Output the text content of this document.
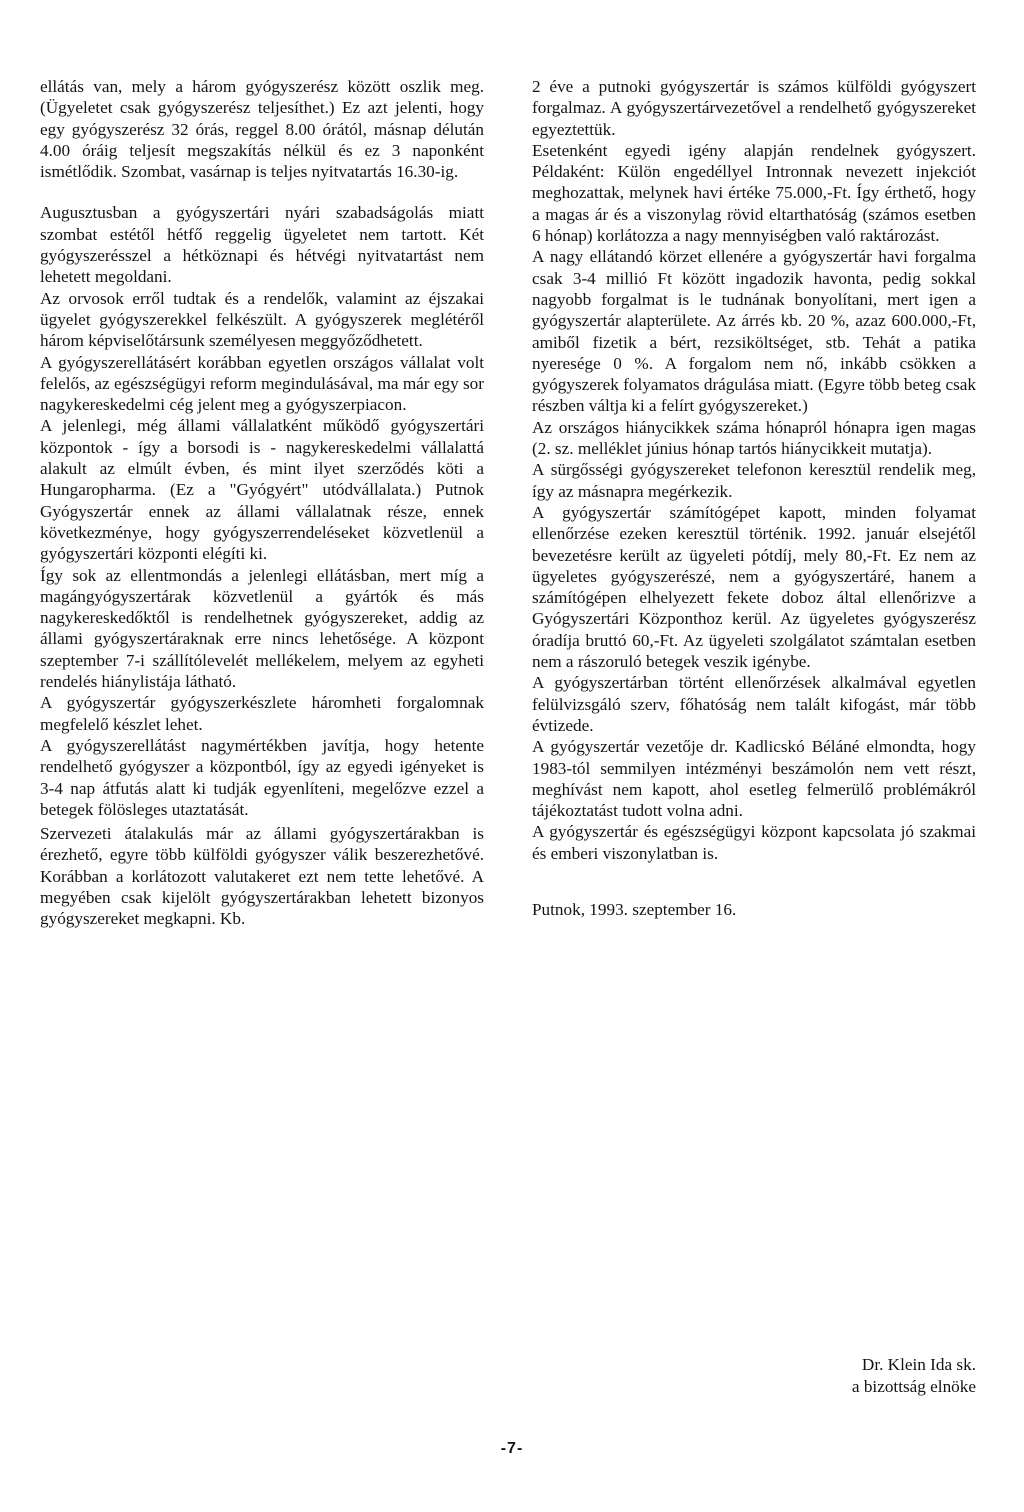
ellátás van, mely a három gyógyszerész között oszlik meg. (Ügyeletet csak gyógyszerész teljesíthet.) Ez azt jelenti, hogy egy gyógyszerész 32 órás, reggel 8.00 órától, másnap délután 4.00 óráig teljesít megszakítás nélkül és ez 3 naponként ismétlődik. Szombat, vasárnap is teljes nyitvatartás 16.30-ig.

Augusztusban a gyógyszertári nyári szabadságolás miatt szombat estétől hétfő reggelig ügyeletet nem tartott. Két gyógyszerésszel a hétköznapi és hétvégi nyitvatartást nem lehetett megoldani.

Az orvosok erről tudtak és a rendelők, valamint az éjszakai ügyelet gyógyszerekkel felkészült. A gyógyszerek meglétéről három képviselőtársunk személyesen meggyőződhetett.

A gyógyszerellátásért korábban egyetlen országos vállalat volt felelős, az egészségügyi reform megindulásával, ma már egy sor nagykereskedelmi cég jelent meg a gyógyszerpiacon.

A jelenlegi, még állami vállalatként működő gyógyszertári központok - így a borsodi is - nagykereskedelmi vállalattá alakult az elmúlt évben, és mint ilyet szerződés köti a Hungaropharma. (Ez a "Gyógyért" utódvállalata.) Putnok Gyógyszertár ennek az állami vállalatnak része, ennek következménye, hogy gyógyszerrendeléseket közvetlenül a gyógyszertári központi elégíti ki.

Így sok az ellentmondás a jelenlegi ellátásban, mert míg a magángyógyszertárak közvetlenül a gyártók és más nagykereskedőktől is rendelhetnek gyógyszereket, addig az állami gyógyszertáraknak erre nincs lehetősége. A központ szeptember 7-i szállítólevelét mellékelem, melyem az egyheti rendelés hiánylistája látható.

A gyógyszertár gyógyszerkészlete háromheti forgalomnak megfelelő készlet lehet.

A gyógyszerellátást nagymértékben javítja, hogy hetente rendelhető gyógyszer a központból, így az egyedi igényeket is 3-4 nap átfutás alatt ki tudják egyenlíteni, megelőzve ezzel a betegek fölösleges utaztatását.

Szervezeti átalakulás már az állami gyógyszertárakban is érezhető, egyre több külföldi gyógyszer válik beszerezhetővé. Korábban a korlátozott valutakeret ezt nem tette lehetővé. A megyében csak kijelölt gyógyszertárakban lehetett bizonyos gyógyszereket megkapni. Kb.

2 éve a putnoki gyógyszertár is számos külföldi gyógyszert forgalmaz. A gyógyszertárvezetővel a rendelhető gyógyszereket egyeztettük.

Esetenként egyedi igény alapján rendelnek gyógyszert. Példaként: Külön engedéllyel Intronnak nevezett injekciót meghozattak, melynek havi értéke 75.000,-Ft. Így érthető, hogy a magas ár és a viszonylag rövid eltarthatóság (számos esetben 6 hónap) korlátozza a nagy mennyiségben való raktározást.

A nagy ellátandó körzet ellenére a gyógyszertár havi forgalma csak 3-4 millió Ft között ingadozik havonta, pedig sokkal nagyobb forgalmat is le tudnának bonyolítani, mert igen a gyógyszertár alapterülete. Az árrés kb. 20 %, azaz 600.000,-Ft, amiből fizetik a bért, rezsiköltséget, stb. Tehát a patika nyeresége 0 %. A forgalom nem nő, inkább csökken a gyógyszerek folyamatos drágulása miatt. (Egyre több beteg csak részben váltja ki a felírt gyógyszereket.)

Az országos hiánycikkek száma hónapról hónapra igen magas (2. sz. melléklet június hónap tartós hiánycikkeit mutatja).

A sürgősségi gyógyszereket telefonon keresztül rendelik meg, így az másnapra megérkezik.

A gyógyszertár számítógépet kapott, minden folyamat ellenőrzése ezeken keresztül történik. 1992. január elsejétől bevezetésre került az ügyeleti pótdíj, mely 80,-Ft. Ez nem az ügyeletes gyógyszerészé, nem a gyógyszertáré, hanem a számítógépen elhelyezett fekete doboz által ellenőrizve a Gyógyszertári Központhoz kerül. Az ügyeletes gyógyszerész óradíja bruttó 60,-Ft. Az ügyeleti szolgálatot számtalan esetben nem a rászoruló betegek veszik igénybe.

A gyógyszertárban történt ellenőrzések alkalmával egyetlen felülvizsgáló szerv, főhatóság nem talált kifogást, már több évtizede.

A gyógyszertár vezetője dr. Kadlicskó Béláné elmondta, hogy 1983-tól semmilyen intézményi beszámolón nem vett részt, meghívást nem kapott, ahol esetleg felmerülő problémákról tájékoztatást tudott volna adni.

A gyógyszertár és egészségügyi központ kapcsolata jó szakmai és emberi viszonylatban is.

Putnok, 1993. szeptember 16.

Dr. Klein Ida sk.
a bizottság elnöke
-7-
